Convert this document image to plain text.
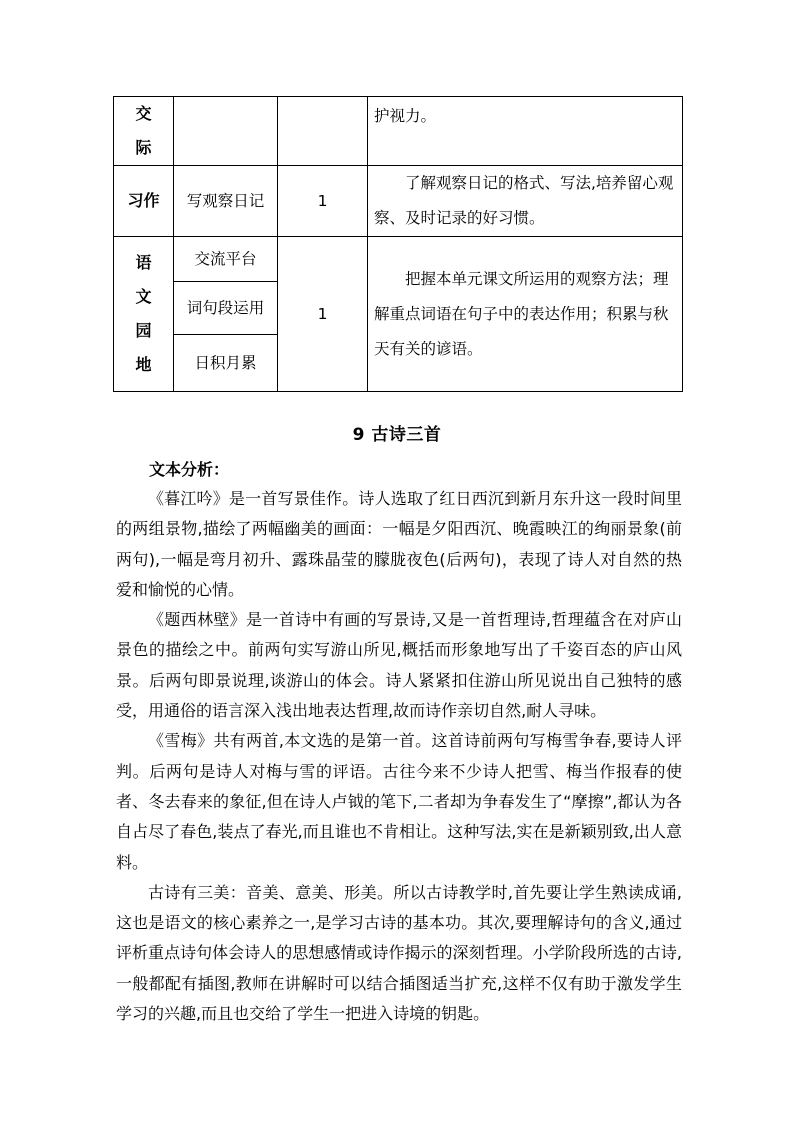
交
际			护视力。

习作	写观察日记	1	了解观察日记的格式、写法,培养留心观察、及时记录的好习惯。

语
文
园
地	交流平台	1	把握本单元课文所运用的观察方法；理解重点词语在句子中的表达作用；积累与秋天有关的谚语。

	词句段运用		
	日积月累		
9 古诗三首

文本分析：

《暮江吟》是一首写景佳作。诗人选取了红日西沉到新月东升这一段时间里的两组景物,描绘了两幅幽美的画面：一幅是夕阳西沉、晚霞映江的绚丽景象(前两句),一幅是弯月初升、露珠晶莹的朦胧夜色(后两句)，表现了诗人对自然的热爱和愉悦的心情。

《题西林壁》是一首诗中有画的写景诗,又是一首哲理诗,哲理蕴含在对庐山景色的描绘之中。前两句实写游山所见,概括而形象地写出了千姿百态的庐山风景。后两句即景说理,谈游山的体会。诗人紧紧扣住游山所见说出自己独特的感受，用通俗的语言深入浅出地表达哲理,故而诗作亲切自然,耐人寻味。

《雪梅》共有两首,本文选的是第一首。这首诗前两句写梅雪争春,要诗人评判。后两句是诗人对梅与雪的评语。古往今来不少诗人把雪、梅当作报春的使者、冬去春来的象征,但在诗人卢钺的笔下,二者却为争春发生了“摩擦”,都认为各自占尽了春色,装点了春光,而且谁也不肯相让。这种写法,实在是新颖别致,出人意料。

古诗有三美：音美、意美、形美。所以古诗教学时,首先要让学生熟读成诵,这也是语文的核心素养之一,是学习古诗的基本功。其次,要理解诗句的含义,通过评析重点诗句体会诗人的思想感情或诗作揭示的深刻哲理。小学阶段所选的古诗,一般都配有插图,教师在讲解时可以结合插图适当扩充,这样不仅有助于激发学生学习的兴趣,而且也交给了学生一把进入诗境的钥匙。
